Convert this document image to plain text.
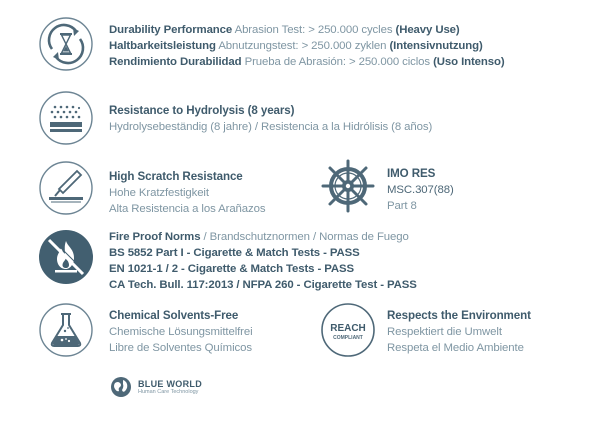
Durability Performance Abrasion Test: > 250.000 cycles (Heavy Use)
Haltbarkeitsleistung Abnutzungstest: > 250.000 zyklen (Intensivnutzung)
Rendimiento Durabilidad Prueba de Abrasión: > 250.000 ciclos (Uso Intenso)
Resistance to Hydrolysis (8 years)
Hydrolysebeständig (8 jahre) / Resistencia a la Hidrólisis (8 años)
High Scratch Resistance
Hohe Kratzfestigkeit
Alta Resistencia a los Arañazos
IMO RES
MSC.307(88)
Part 8
Fire Proof Norms / Brandschutznormen / Normas de Fuego
BS 5852 Part I - Cigarette & Match Tests - PASS
EN 1021-1 / 2 - Cigarette & Match Tests - PASS
CA Tech. Bull. 117:2013 / NFPA 260 - Cigarette Test - PASS
Chemical Solvents-Free
Chemische Lösungsmittelfrei
Libre de Solventes Químicos
REACH
COMPLIANT
Respects the Environment
Respektiert die Umwelt
Respeta el Medio Ambiente
BLUE WORLD
Human Care Technology
